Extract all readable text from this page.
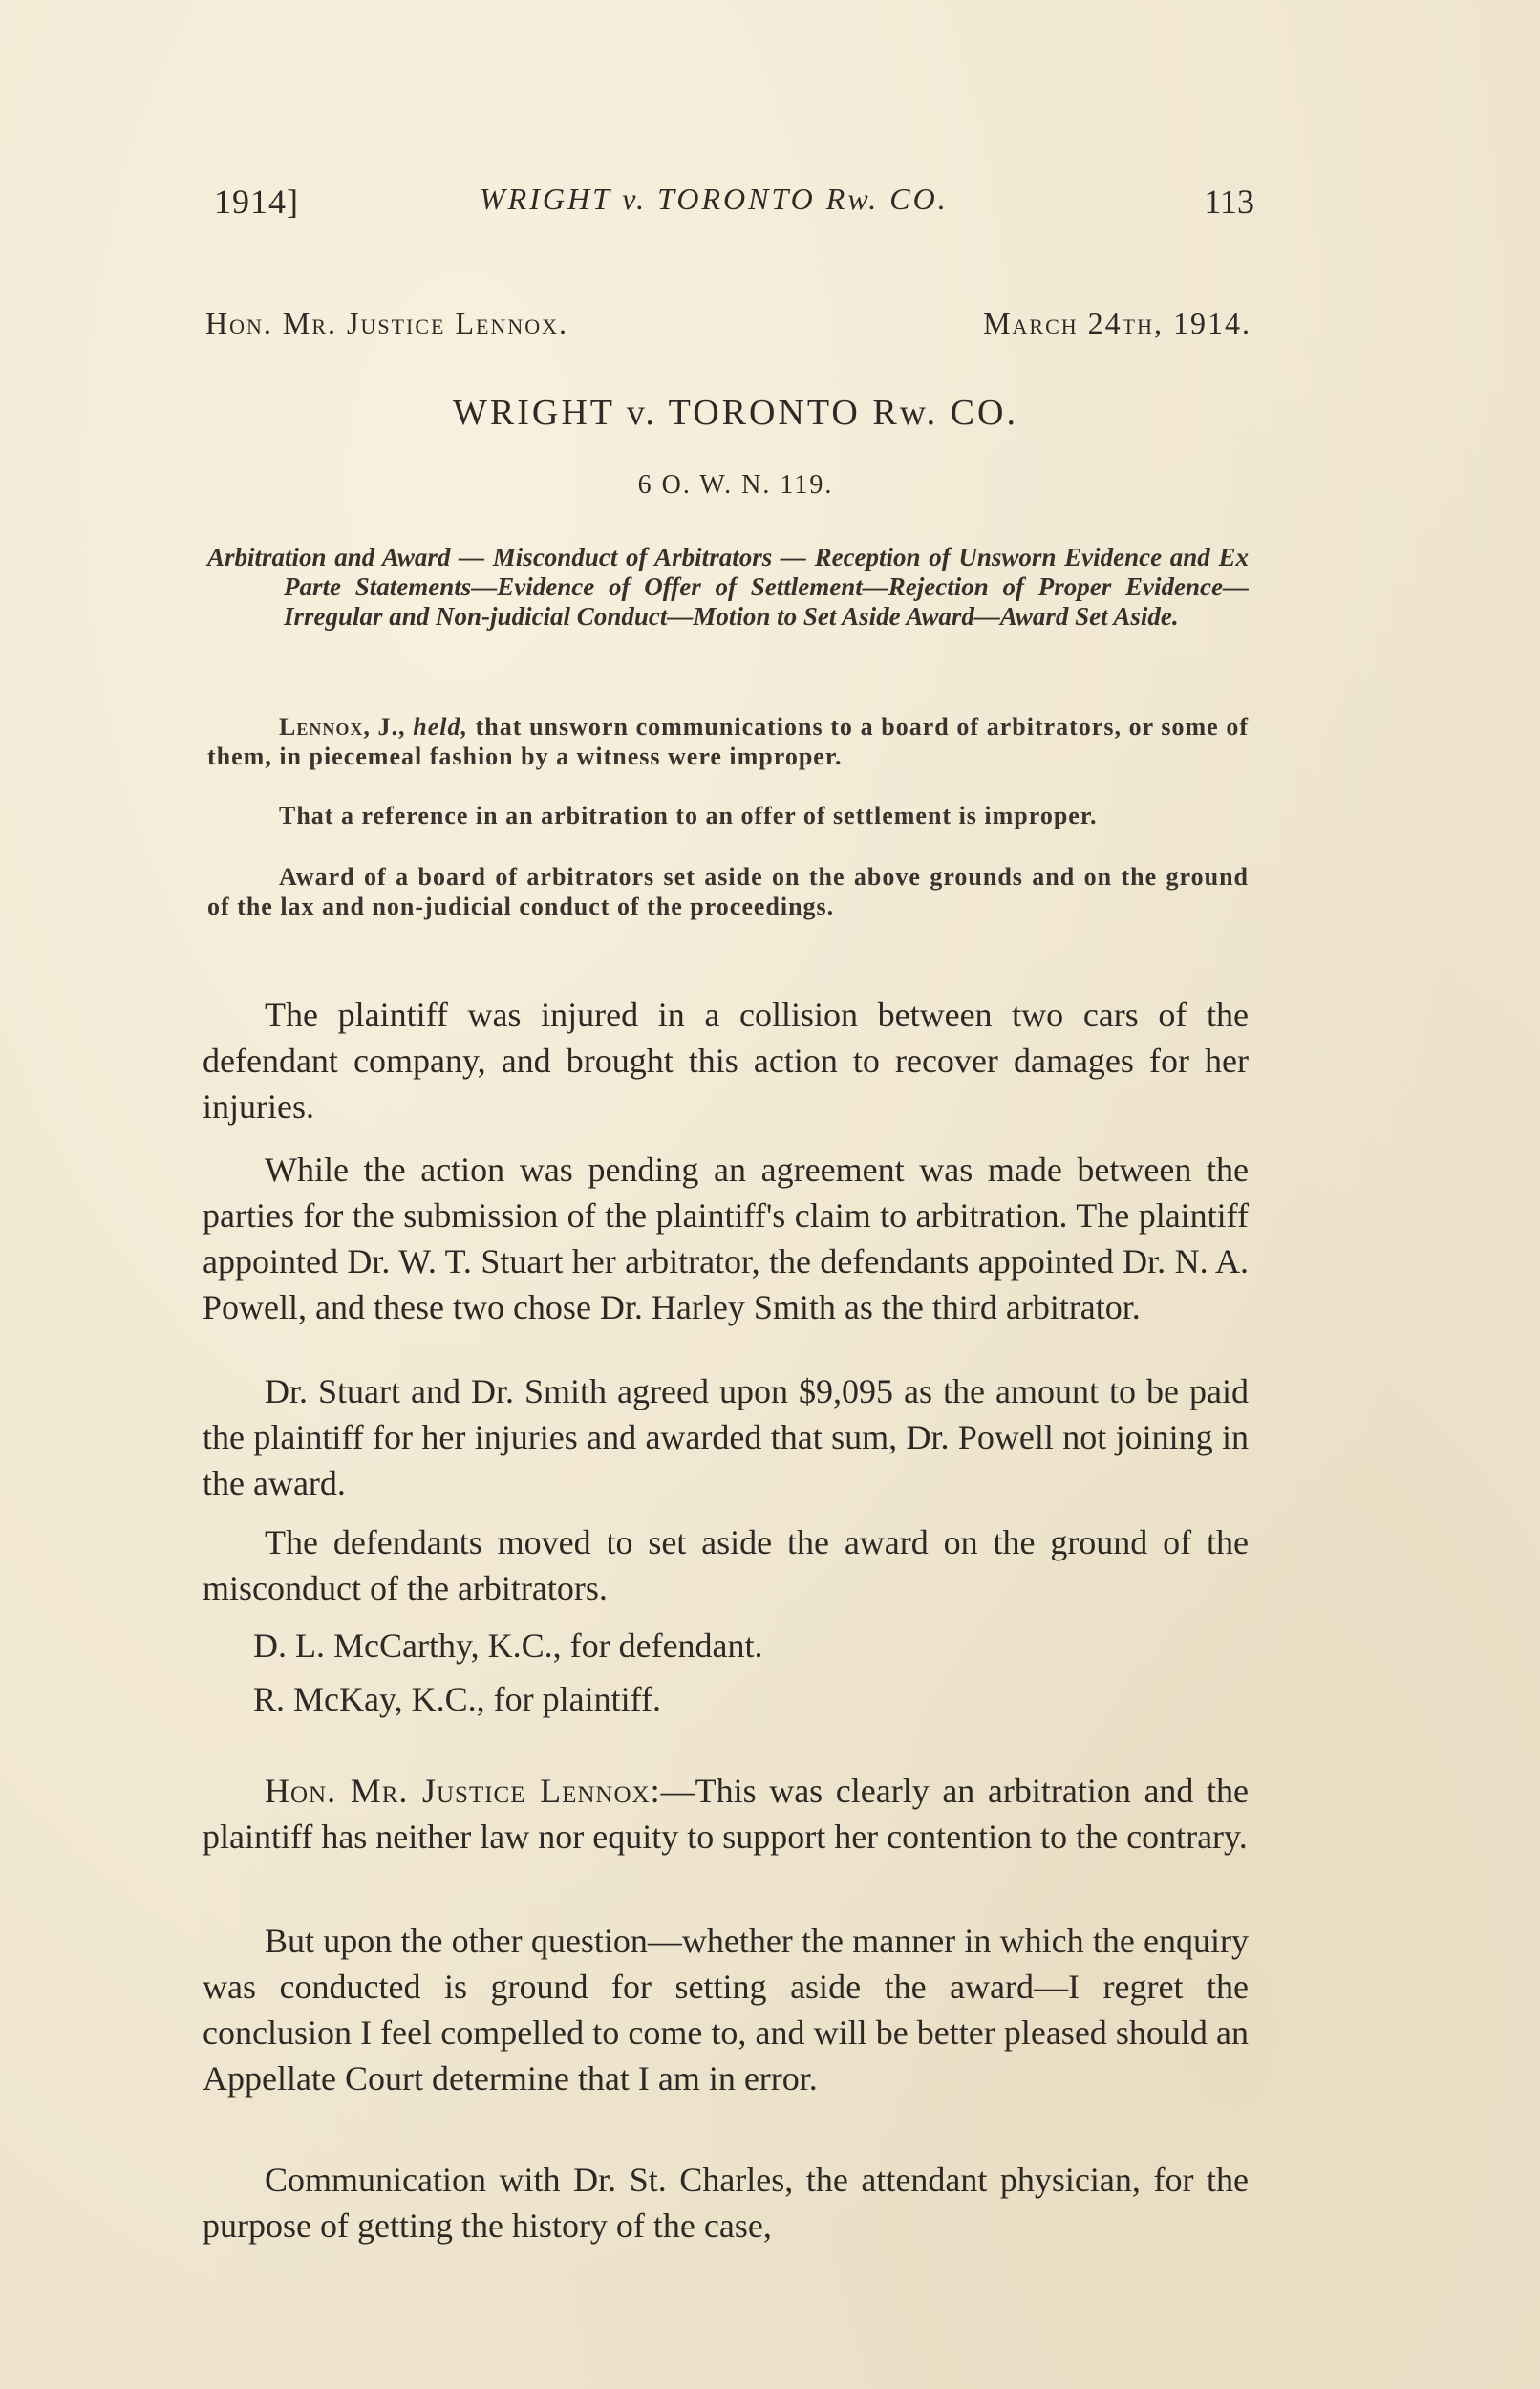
1914]	WRIGHT v. TORONTO Rw. CO.	113
Hon. Mr. Justice Lennox.	March 24th, 1914.
WRIGHT v. TORONTO Rw. CO.
6 O. W. N. 119.
Arbitration and Award — Misconduct of Arbitrators — Reception of Unsworn Evidence and Ex Parte Statements—Evidence of Offer of Settlement—Rejection of Proper Evidence—Irregular and Non-judicial Conduct—Motion to Set Aside Award—Award Set Aside.
Lennox, J., held, that unsworn communications to a board of arbitrators, or some of them, in piecemeal fashion by a witness were improper.
That a reference in an arbitration to an offer of settlement is improper.
Award of a board of arbitrators set aside on the above grounds and on the ground of the lax and non-judicial conduct of the proceedings.
The plaintiff was injured in a collision between two cars of the defendant company, and brought this action to recover damages for her injuries.
While the action was pending an agreement was made between the parties for the submission of the plaintiff's claim to arbitration. The plaintiff appointed Dr. W. T. Stuart her arbitrator, the defendants appointed Dr. N. A. Powell, and these two chose Dr. Harley Smith as the third arbitrator.
Dr. Stuart and Dr. Smith agreed upon $9,095 as the amount to be paid the plaintiff for her injuries and awarded that sum, Dr. Powell not joining in the award.
The defendants moved to set aside the award on the ground of the misconduct of the arbitrators.
D. L. McCarthy, K.C., for defendant.
R. McKay, K.C., for plaintiff.
Hon. Mr. Justice Lennox:—This was clearly an arbitration and the plaintiff has neither law nor equity to support her contention to the contrary.
But upon the other question—whether the manner in which the enquiry was conducted is ground for setting aside the award—I regret the conclusion I feel compelled to come to, and will be better pleased should an Appellate Court determine that I am in error.
Communication with Dr. St. Charles, the attendant physician, for the purpose of getting the history of the case,
